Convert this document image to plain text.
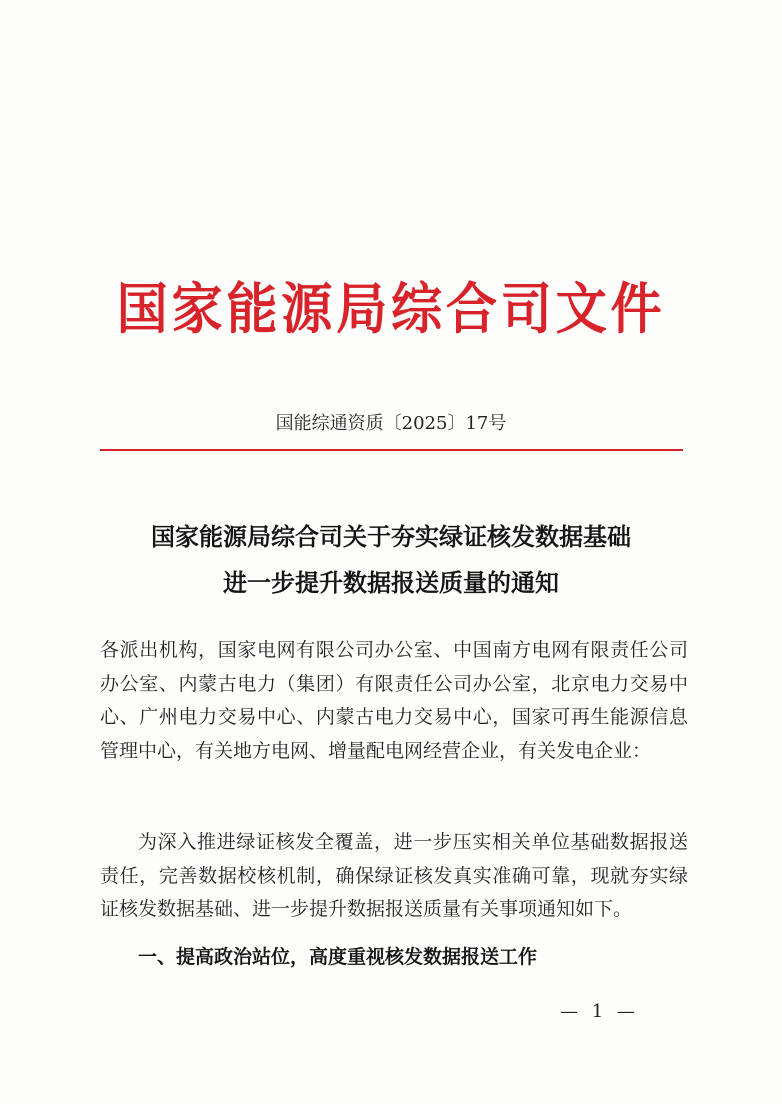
国家能源局综合司文件
国能综通资质〔2025〕17号
国家能源局综合司关于夯实绿证核发数据基础
进一步提升数据报送质量的通知
各派出机构，国家电网有限公司办公室、中国南方电网有限责任公司办公室、内蒙古电力（集团）有限责任公司办公室，北京电力交易中心、广州电力交易中心、内蒙古电力交易中心，国家可再生能源信息管理中心，有关地方电网、增量配电网经营企业，有关发电企业：
为深入推进绿证核发全覆盖，进一步压实相关单位基础数据报送责任，完善数据校核机制，确保绿证核发真实准确可靠，现就夯实绿证核发数据基础、进一步提升数据报送质量有关事项通知如下。
一、提高政治站位，高度重视核发数据报送工作
— 1 —
